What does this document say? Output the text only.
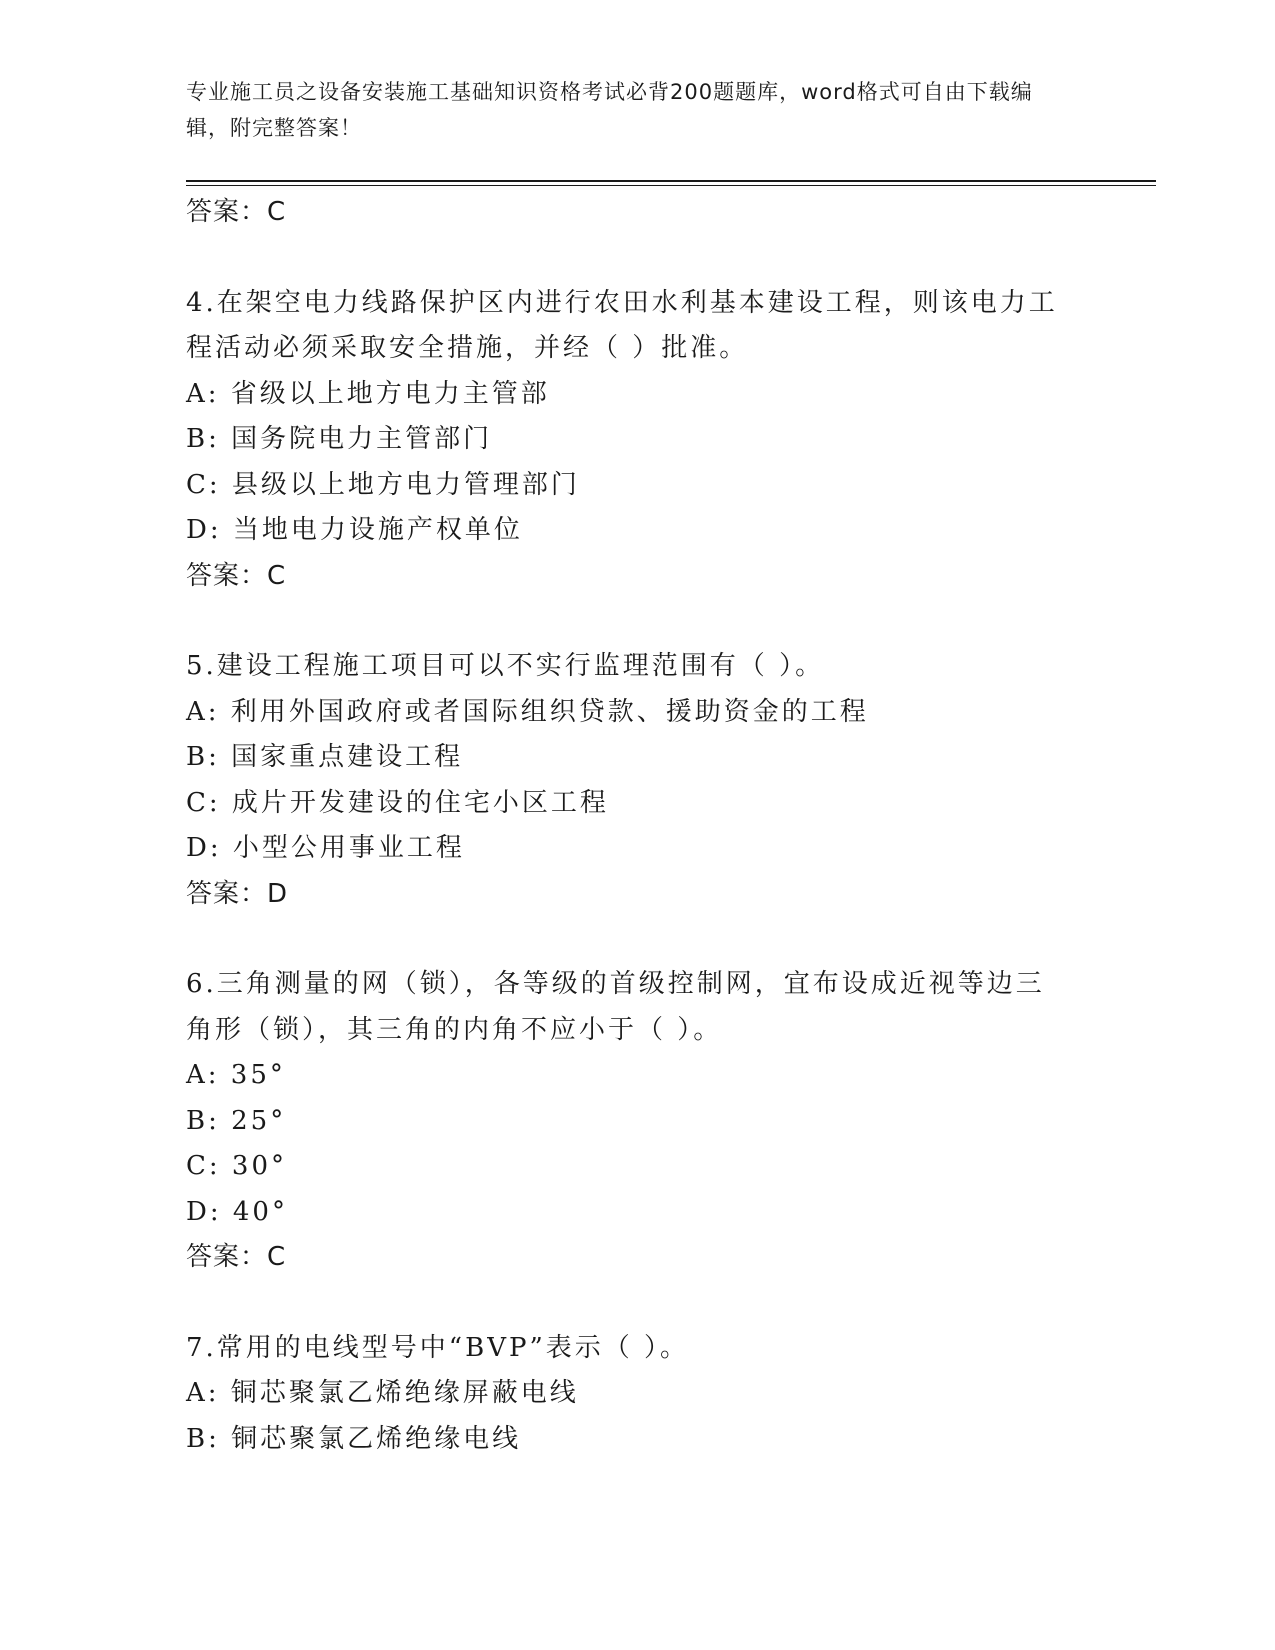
专业施工员之设备安装施工基础知识资格考试必背200题题库，word格式可自由下载编辑，附完整答案！
答案：C
4.在架空电力线路保护区内进行农田水利基本建设工程，则该电力工
程活动必须采取安全措施，并经（ ）批准。
A: 省级以上地方电力主管部
B: 国务院电力主管部门
C: 县级以上地方电力管理部门
D: 当地电力设施产权单位
答案：C
5.建设工程施工项目可以不实行监理范围有（ ）。
A: 利用外国政府或者国际组织贷款、援助资金的工程
B: 国家重点建设工程
C: 成片开发建设的住宅小区工程
D: 小型公用事业工程
答案：D
6.三角测量的网（锁），各等级的首级控制网，宜布设成近视等边三
角形（锁），其三角的内角不应小于（ ）。
A: 35°
B: 25°
C: 30°
D: 40°
答案：C
7.常用的电线型号中“BVP”表示（ ）。
A: 铜芯聚氯乙烯绝缘屏蔽电线
B: 铜芯聚氯乙烯绝缘电线
